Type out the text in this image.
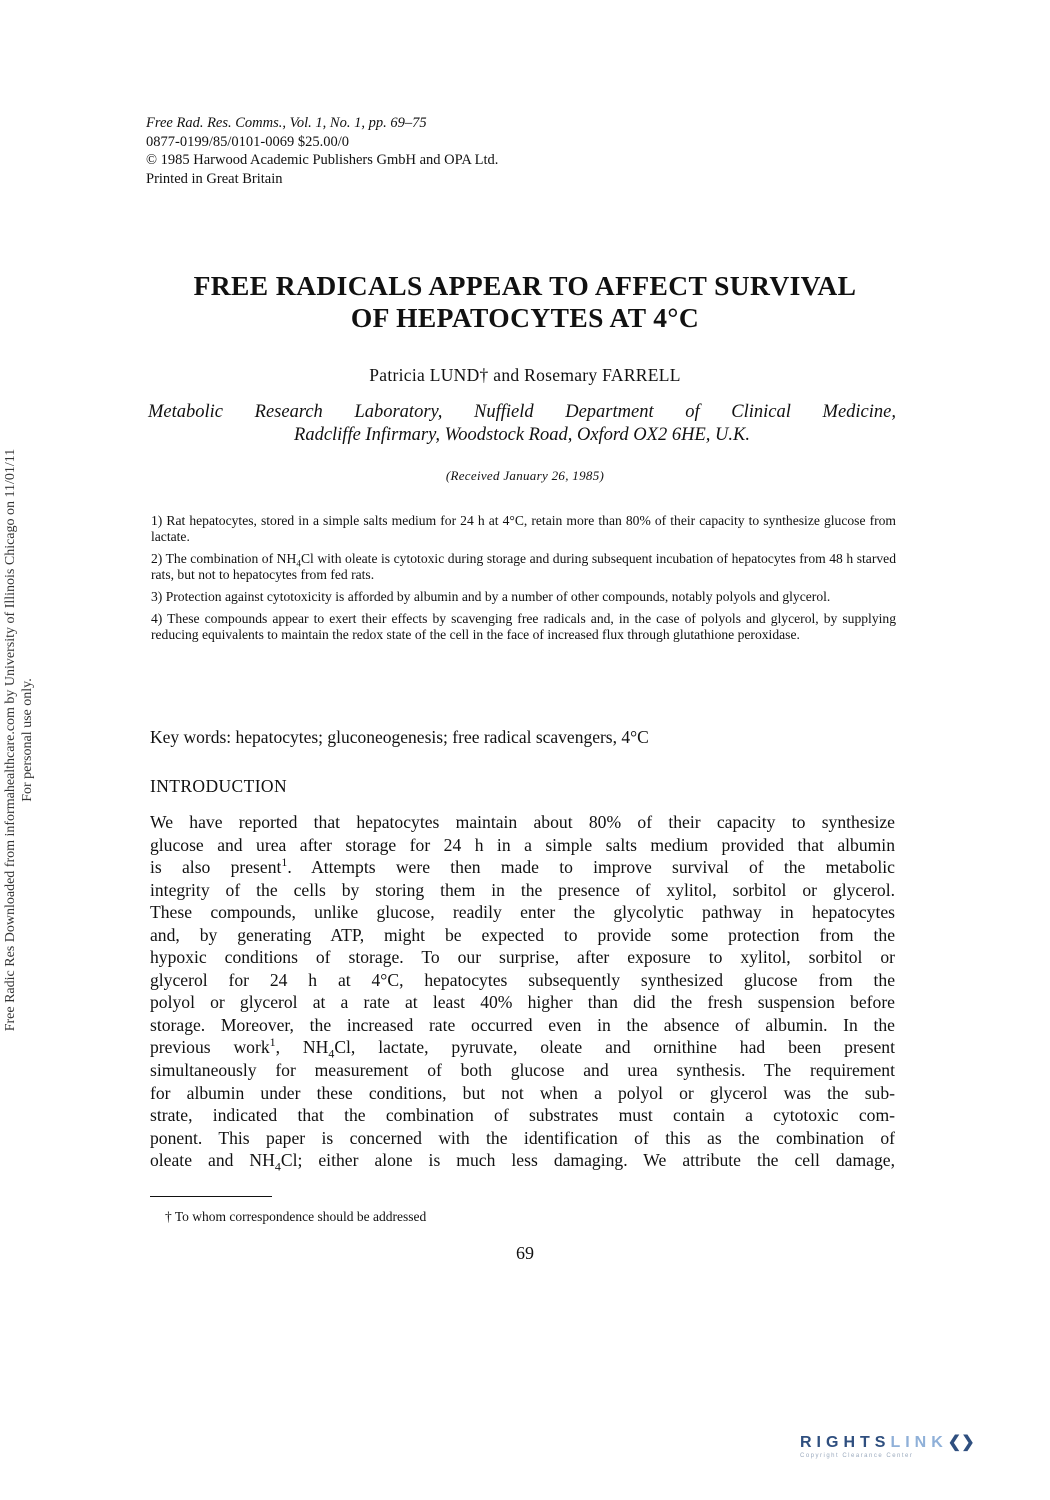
Free Rad. Res. Comms., Vol. 1, No. 1, pp. 69–75
0877-0199/85/0101-0069 $25.00/0
© 1985 Harwood Academic Publishers GmbH and OPA Ltd.
Printed in Great Britain
FREE RADICALS APPEAR TO AFFECT SURVIVAL
OF HEPATOCYTES AT 4°C
Patricia LUND† and Rosemary FARRELL
Metabolic Research Laboratory, Nuffield Department of Clinical Medicine,
Radcliffe Infirmary, Woodstock Road, Oxford OX2 6HE, U.K.
(Received January 26, 1985)

1) Rat hepatocytes, stored in a simple salts medium for 24 h at 4°C, retain more than 80% of their capacity to synthesize glucose from lactate.

2) The combination of $NH_4Cl$ with oleate is cytotoxic during storage and during subsequent incubation of hepatocytes from 48 h starved rats, but not to hepatocytes from fed rats.

3) Protection against cytotoxicity is afforded by albumin and by a number of other compounds, notably polyols and glycerol.

4) These compounds appear to exert their effects by scavenging free radicals and, in the case of polyols and glycerol, by supplying reducing equivalents to maintain the redox state of the cell in the face of increased flux through glutathione peroxidase.

Key words: hepatocytes; gluconeogenesis; free radical scavengers, 4°C
INTRODUCTION
We have reported that hepatocytes maintain about 80% of their capacity to synthesize
glucose and urea after storage for 24 h in a simple salts medium provided that albumin
is also present$^1$. Attempts were then made to improve survival of the metabolic
integrity of the cells by storing them in the presence of xylitol, sorbitol or glycerol.
These compounds, unlike glucose, readily enter the glycolytic pathway in hepatocytes
and, by generating ATP, might be expected to provide some protection from the
hypoxic conditions of storage. To our surprise, after exposure to xylitol, sorbitol or
glycerol for 24 h at 4°C, hepatocytes subsequently synthesized glucose from the
polyol or glycerol at a rate at least 40% higher than did the fresh suspension before
storage. Moreover, the increased rate occurred even in the absence of albumin. In the
previous work$^1$, $NH_4Cl$, lactate, pyruvate, oleate and ornithine had been present
simultaneously for measurement of both glucose and urea synthesis. The requirement
for albumin under these conditions, but not when a polyol or glycerol was the sub-
strate, indicated that the combination of substrates must contain a cytotoxic com-
ponent. This paper is concerned with the identification of this as the combination of
oleate and $NH_4Cl$; either alone is much less damaging. We attribute the cell damage,
† To whom correspondence should be addressed
69
Free Radic Res Downloaded from informahealthcare.com by University of Illinois Chicago on 11/01/11 For personal use only.
RIGHTSLINK❮❯
Copyright Clearance Center
